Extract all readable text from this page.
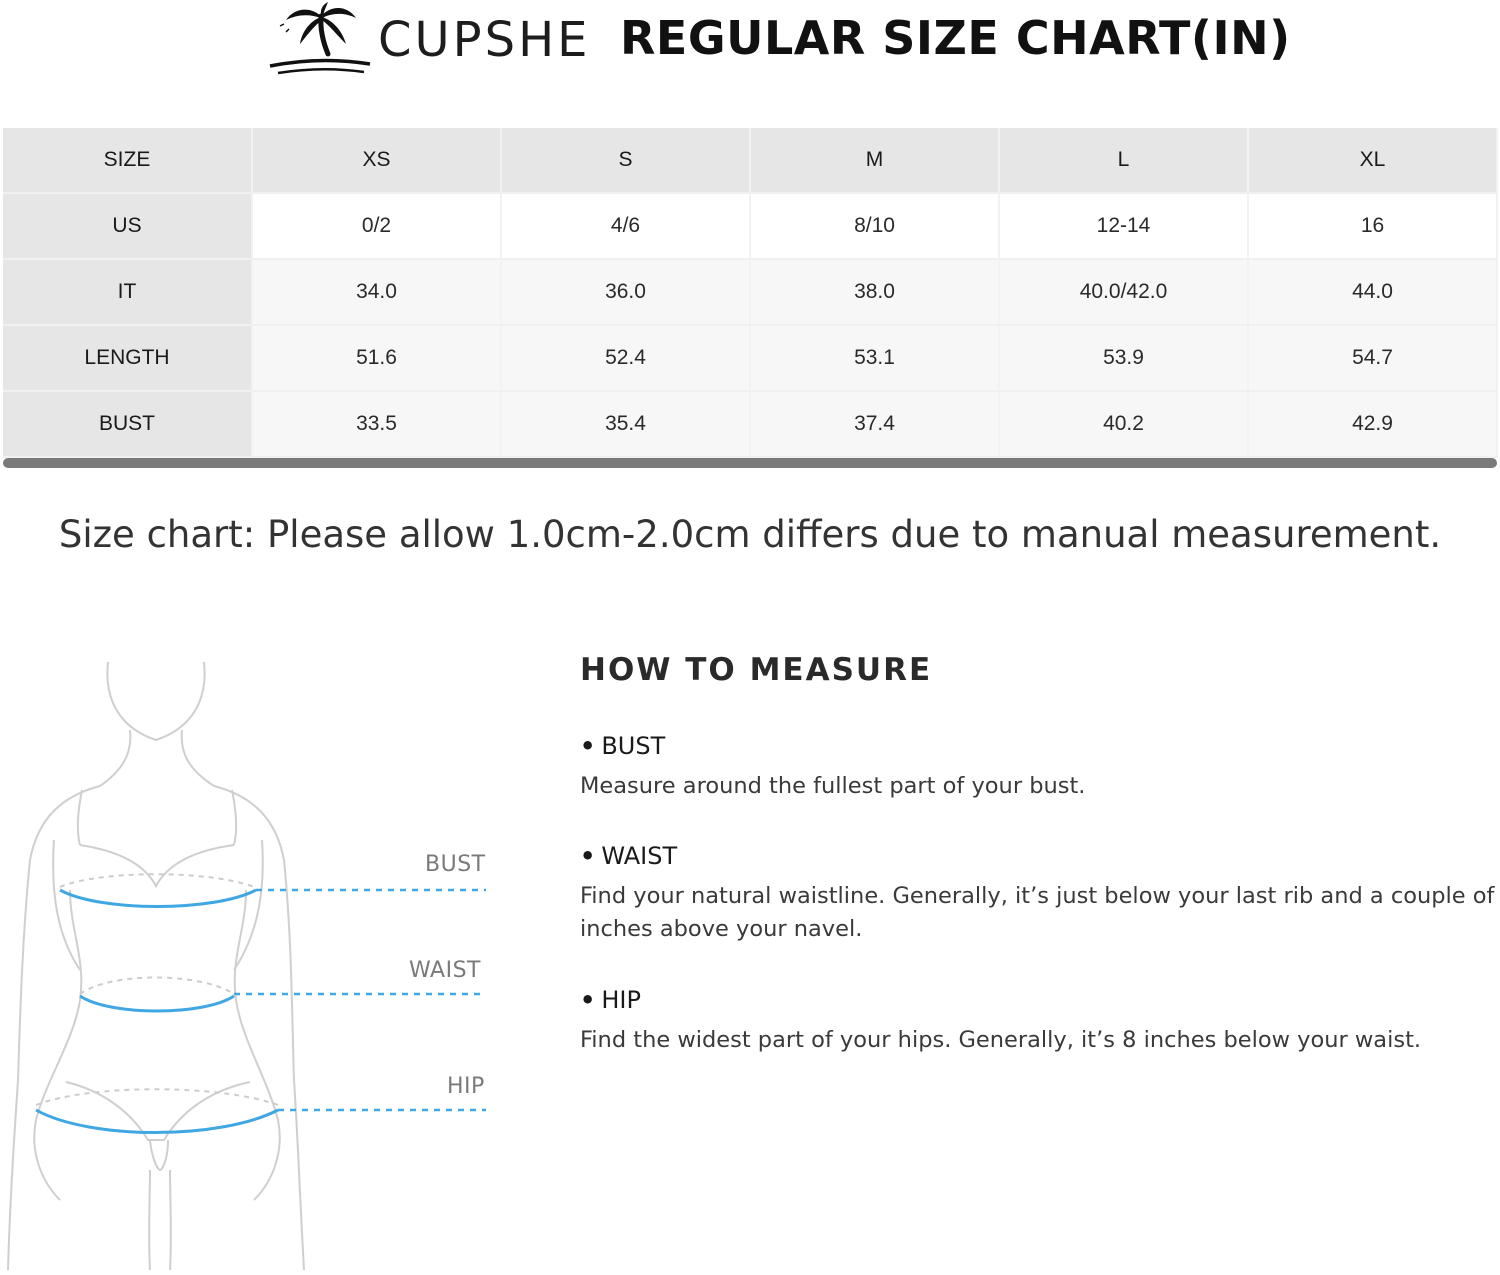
CUPSHE REGULAR SIZE CHART(IN)
SIZE	XS	S	M	L	XL
US	0/2	4/6	8/10	12-14	16
IT	34.0	36.0	38.0	40.0/42.0	44.0
LENGTH	51.6	52.4	53.1	53.9	54.7
BUST	33.5	35.4	37.4	40.2	42.9
Size chart: Please allow 1.0cm-2.0cm differs due to manual measurement.
BUST
WAIST
HIP
HOW TO MEASURE
• BUST
Measure around the fullest part of your bust.
• WAIST
Find your natural waistline. Generally, it’s just below your last rib and a couple of inches above your navel.
• HIP
Find the widest part of your hips. Generally, it’s 8 inches below your waist.
